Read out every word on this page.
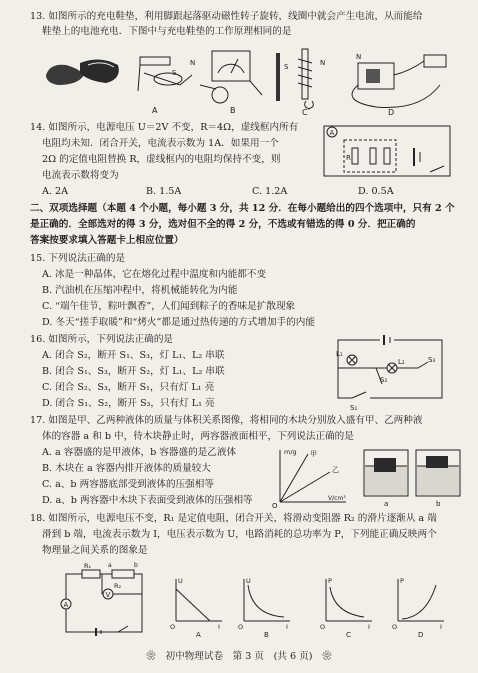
13. 如图所示的充电鞋垫，利用脚跟起落驱动磁性转子旋转，线圈中就会产生电流，从而能给
鞋垫上的电池充电．下图中与充电鞋垫的工作原理相同的是
S
N
A	B
S	N
C
N
D
14. 如图所示，电源电压 U＝2V 不变，R＝4Ω，虚线框内所有
电阻均未知．闭合开关，电流表示数为 1A．如果用一个
2Ω 的定值电阻替换 R，虚线框内的电阻均保持不变，则
电流表示数将变为
A. 2A	B. 1.5A	C. 1.2A	D. 0.5A
A
R
二、双项选择题（本题 4 个小题，每小题 3 分，共 12 分．在每小题给出的四个选项中，只有 2 个
是正确的．全部选对的得 3 分，选对但不全的得 2 分，不选或有错选的得 0 分．把正确的
答案按要求填入答题卡上相应位置）
15. 下列说法正确的是
A. 冰是一种晶体，它在熔化过程中温度和内能都不变
B. 汽油机在压缩冲程中，将机械能转化为内能
C. “端午佳节，粽叶飘香”，人们闻到粽子的香味是扩散现象
D. 冬天“搓手取暖”和“烤火”都是通过热传递的方式增加手的内能
16. 如图所示，下列说法正确的是
A. 闭合 S₂，断开 S₁、S₃，灯 L₁、L₂ 串联
B. 闭合 S₁、S₃，断开 S₂，灯 L₁、L₂ 串联
C. 闭合 S₂、S₃，断开 S₁，只有灯 L₁ 亮
D. 闭合 S₁、S₂，断开 S₃，只有灯 L₁ 亮
L₁
L₂	S₃
S₂
S₁
17. 如图是甲、乙两种液体的质量与体积关系图像，将相同的木块分别放入盛有甲、乙两种液
体的容器 a 和 b 中，待木块静止时，两容器液面相平，下列说法正确的是
A. a 容器盛的是甲液体，b 容器盛的是乙液体
B. 木块在 a 容器内排开液体的质量较大
C. a、b 两容器底部受到液体的压强相等
D. a、b 两容器中木块下表面受到液体的压强相等
m/g 甲
乙
O
V/cm³
a	b
18. 如图所示，电源电压不变，R₁ 是定值电阻，闭合开关，将滑动变阻器 R₂ 的滑片逐渐从 a 端
滑到 b 端，电流表示数为 I，电压表示数为 U，电路消耗的总功率为 P，下列能正确反映两个
物理量之间关系的图象是
R₁
R₂
a	b
A
V
U
I
O
A
U
I
O
B
P
I
O
C
P
I
O
D
❀　初中物理试卷　第 3 页　(共 6 页)　❀
